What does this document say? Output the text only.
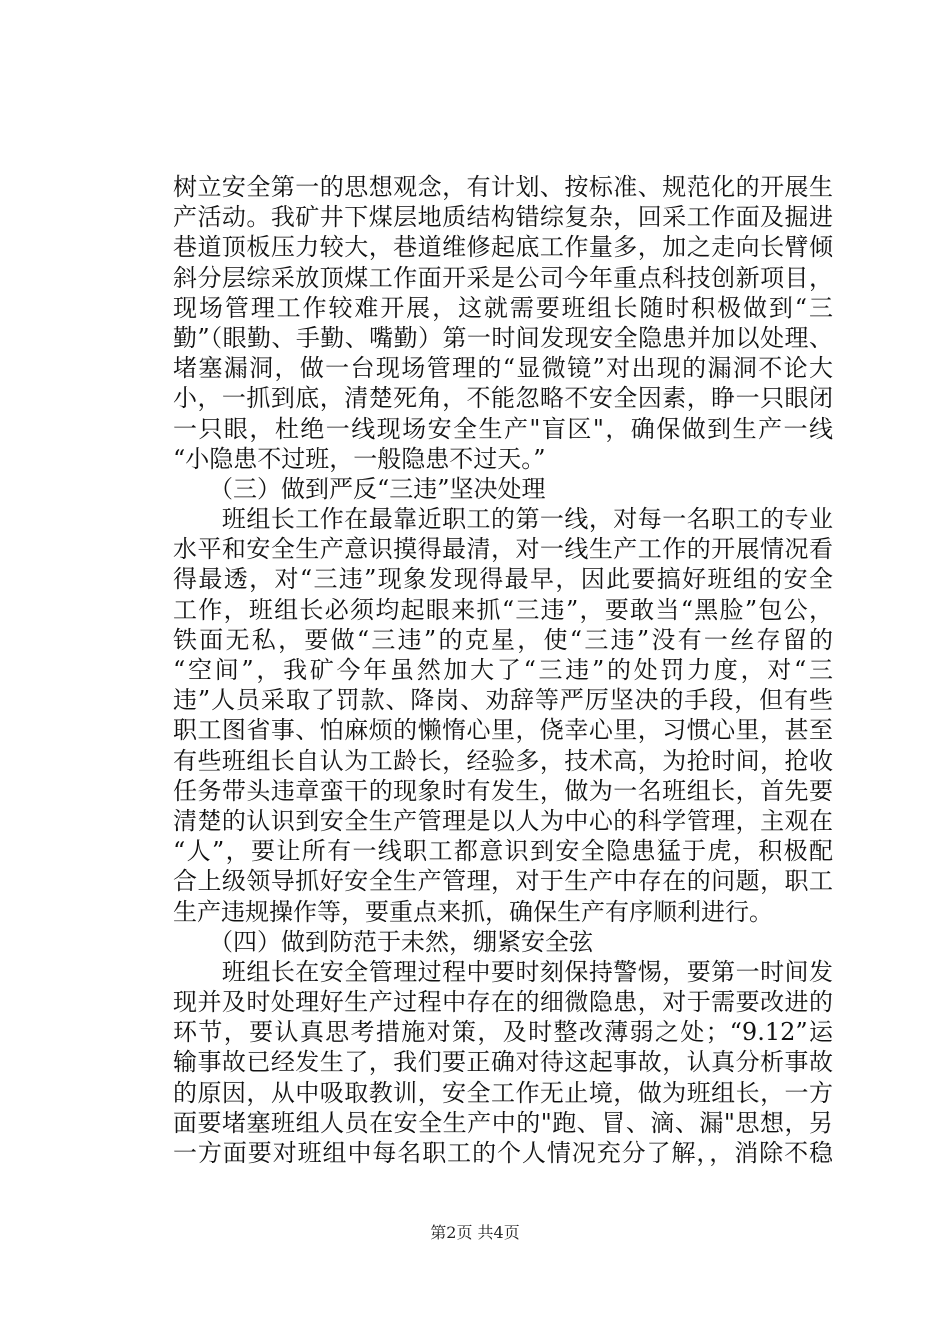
树立安全第一的思想观念，有计划、按标准、规范化的开展生
产活动。我矿井下煤层地质结构错综复杂，回采工作面及掘进
巷道顶板压力较大，巷道维修起底工作量多，加之走向长臂倾
斜分层综采放顶煤工作面开采是公司今年重点科技创新项目，
现场管理工作较难开展，这就需要班组长随时积极做到“三
勤”（眼勤、手勤、嘴勤）第一时间发现安全隐患并加以处理、
堵塞漏洞，做一台现场管理的“显微镜”对出现的漏洞不论大
小，一抓到底，清楚死角，不能忽略不安全因素，睁一只眼闭
一只眼，杜绝一线现场安全生产"盲区"，确保做到生产一线
“小隐患不过班，一般隐患不过天。”
　　（三）做到严反“三违”坚决处理
　　班组长工作在最靠近职工的第一线，对每一名职工的专业
水平和安全生产意识摸得最清，对一线生产工作的开展情况看
得最透，对“三违”现象发现得最早，因此要搞好班组的安全
工作，班组长必须均起眼来抓“三违”，要敢当“黑脸”包公，
铁面无私，要做“三违”的克星，使“三违”没有一丝存留的
“空间”，我矿今年虽然加大了“三违”的处罚力度，对“三
违”人员采取了罚款、降岗、劝辞等严厉坚决的手段，但有些
职工图省事、怕麻烦的懒惰心里，侥幸心里，习惯心里，甚至
有些班组长自认为工龄长，经验多，技术高，为抢时间，抢收
任务带头违章蛮干的现象时有发生，做为一名班组长，首先要
清楚的认识到安全生产管理是以人为中心的科学管理，主观在
“人”，要让所有一线职工都意识到安全隐患猛于虎，积极配
合上级领导抓好安全生产管理，对于生产中存在的问题，职工
生产违规操作等，要重点来抓，确保生产有序顺利进行。
　　（四）做到防范于未然，绷紧安全弦
　　班组长在安全管理过程中要时刻保持警惕，要第一时间发
现并及时处理好生产过程中存在的细微隐患，对于需要改进的
环节，要认真思考措施对策，及时整改薄弱之处；“9.12”运
输事故已经发生了，我们要正确对待这起事故，认真分析事故
的原因，从中吸取教训，安全工作无止境，做为班组长，一方
面要堵塞班组人员在安全生产中的"跑、冒、滴、漏"思想，另
一方面要对班组中每名职工的个人情况充分了解，，消除不稳
第2页 共4页
